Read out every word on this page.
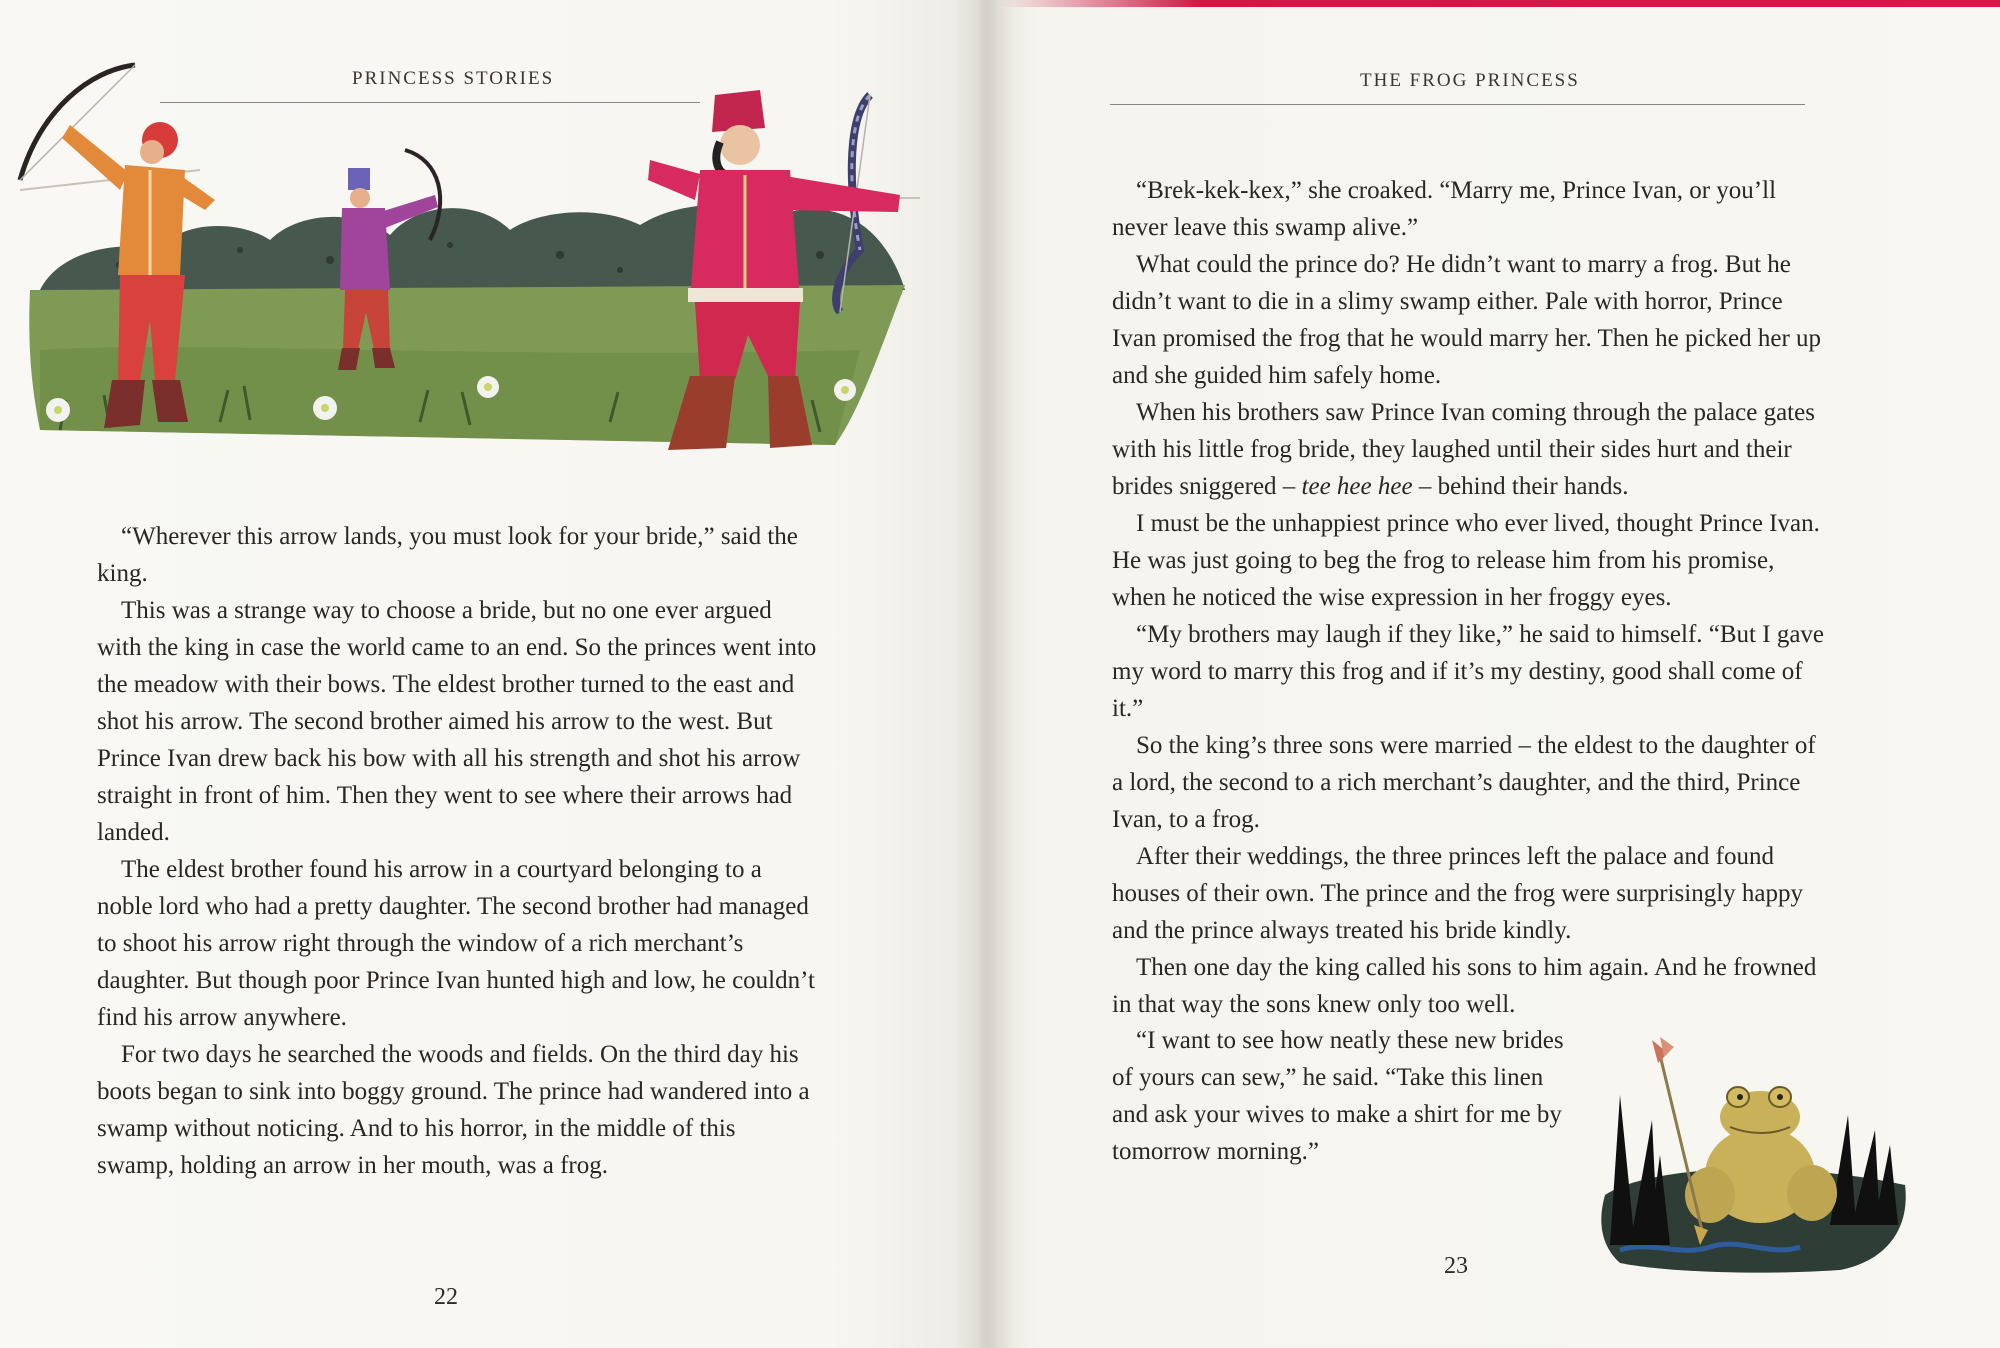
PRINCESS STORIES

“Wherever this arrow lands, you must look for your bride,” said the king.

This was a strange way to choose a bride, but no one ever argued with the king in case the world came to an end. So the princes went into the meadow with their bows. The eldest brother turned to the east and shot his arrow. The second brother aimed his arrow to the west. But Prince Ivan drew back his bow with all his strength and shot his arrow straight in front of him. Then they went to see where their arrows had landed.

The eldest brother found his arrow in a courtyard belonging to a noble lord who had a pretty daughter. The second brother had managed to shoot his arrow right through the window of a rich merchant’s daughter. But though poor Prince Ivan hunted high and low, he couldn’t find his arrow anywhere.

For two days he searched the woods and fields. On the third day his boots began to sink into boggy ground. The prince had wandered into a swamp without noticing. And to his horror, in the middle of this swamp, holding an arrow in her mouth, was a frog.

22
THE FROG PRINCESS

“Brek-kek-kex,” she croaked. “Marry me, Prince Ivan, or you’ll never leave this swamp alive.”

What could the prince do? He didn’t want to marry a frog. But he didn’t want to die in a slimy swamp either. Pale with horror, Prince Ivan promised the frog that he would marry her. Then he picked her up and she guided him safely home.

When his brothers saw Prince Ivan coming through the palace gates with his little frog bride, they laughed until their sides hurt and their brides sniggered – tee hee hee – behind their hands.

I must be the unhappiest prince who ever lived, thought Prince Ivan. He was just going to beg the frog to release him from his promise, when he noticed the wise expression in her froggy eyes.

“My brothers may laugh if they like,” he said to himself. “But I gave my word to marry this frog and if it’s my destiny, good shall come of it.”

So the king’s three sons were married – the eldest to the daughter of a lord, the second to a rich merchant’s daughter, and the third, Prince Ivan, to a frog.

After their weddings, the three princes left the palace and found houses of their own. The prince and the frog were surprisingly happy and the prince always treated his bride kindly.

Then one day the king called his sons to him again. And he frowned in that way the sons knew only too well.

“I want to see how neatly these new brides of yours can sew,” he said. “Take this linen and ask your wives to make a shirt for me by tomorrow morning.”

23
